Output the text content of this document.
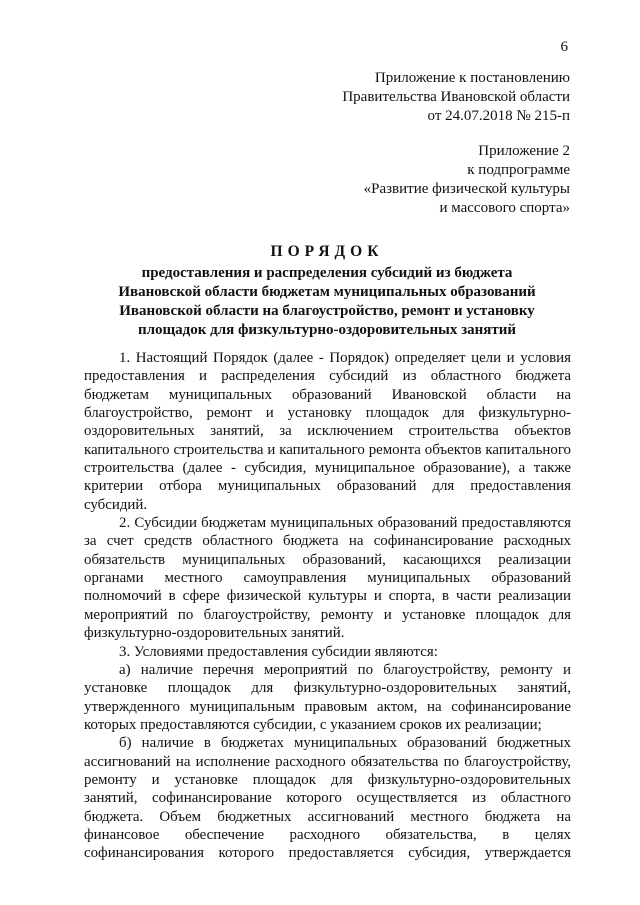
6
Приложение к постановлению
Правительства Ивановской области
от 24.07.2018 № 215-п
Приложение 2
к подпрограмме
«Развитие физической культуры
и массового спорта»
ПОРЯДОК
предоставления и распределения субсидий из бюджета
Ивановской области бюджетам муниципальных образований
Ивановской области на благоустройство, ремонт и установку
площадок для физкультурно-оздоровительных занятий

1. Настоящий Порядок (далее - Порядок) определяет цели и условия предоставления и распределения субсидий из областного бюджета бюджетам муниципальных образований Ивановской области на благоустройство, ремонт и установку площадок для физкультурно-оздоровительных занятий, за исключением строительства объектов капитального строительства и капитального ремонта объектов капитального строительства (далее - субсидия, муниципальное образование), а также критерии отбора муниципальных образований для предоставления субсидий.

2. Субсидии бюджетам муниципальных образований предоставляются за счет средств областного бюджета на софинансирование расходных обязательств муниципальных образований, касающихся реализации органами местного самоуправления муниципальных образований полномочий в сфере физической культуры и спорта, в части реализации мероприятий по благоустройству, ремонту и установке площадок для физкультурно-оздоровительных занятий.

3. Условиями предоставления субсидии являются:

а) наличие перечня мероприятий по благоустройству, ремонту и установке площадок для физкультурно-оздоровительных занятий, утвержденного муниципальным правовым актом, на софинансирование которых предоставляются субсидии, с указанием сроков их реализации;

б) наличие в бюджетах муниципальных образований бюджетных ассигнований на исполнение расходного обязательства по благоустройству, ремонту и установке площадок для физкультурно-оздоровительных занятий, софинансирование которого осуществляется из областного бюджета. Объем бюджетных ассигнований местного бюджета на финансовое обеспечение расходного обязательства, в целях софинансирования которого предоставляется субсидия, утверждается
